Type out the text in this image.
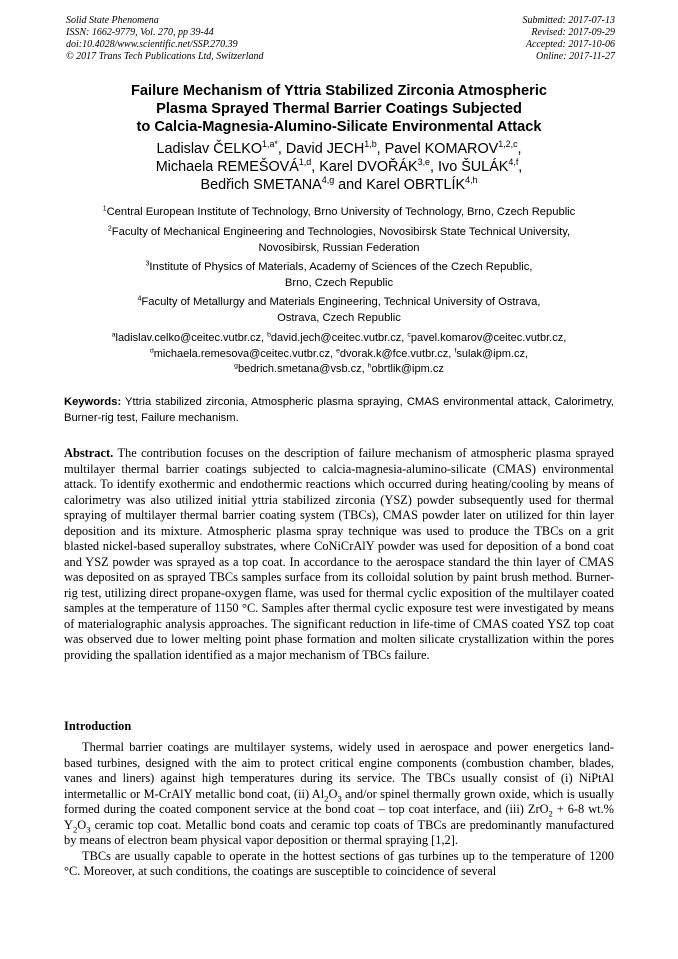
Solid State Phenomena
ISSN: 1662-9779, Vol. 270, pp 39-44
doi:10.4028/www.scientific.net/SSP.270.39
© 2017 Trans Tech Publications Ltd, Switzerland
Submitted: 2017-07-13
Revised: 2017-09-29
Accepted: 2017-10-06
Online: 2017-11-27
Failure Mechanism of Yttria Stabilized Zirconia Atmospheric
Plasma Sprayed Thermal Barrier Coatings Subjected
to Calcia-Magnesia-Alumino-Silicate Environmental Attack
Ladislav $ČELKO^{1,a*}$, David JECH$^{1,b}$, Pavel KOMAROV$^{1,2,c}$,
Michaela REMEŠOVÁ$^{1,d}$, Karel DVOŘÁK$^{3,e}$, Ivo ŠULÁK$^{4,f}$,
Bedřich SMETANA$^{4,g}$ and Karel OBRTLÍK$^{4,h}$
$^1$Central European Institute of Technology, Brno University of Technology, Brno, Czech Republic
$^2$Faculty of Mechanical Engineering and Technologies, Novosibirsk State Technical University,
Novosibirsk, Russian Federation
$^3$Institute of Physics of Materials, Academy of Sciences of the Czech Republic,
Brno, Czech Republic
$^4$Faculty of Metallurgy and Materials Engineering, Technical University of Ostrava,
Ostrava, Czech Republic
$^a$ladislav.celko@ceitec.vutbr.cz, $^b$david.jech@ceitec.vutbr.cz, $^c$pavel.komarov@ceitec.vutbr.cz,
$^d$michaela.remesova@ceitec.vutbr.cz, $^e$dvorak.k@fce.vutbr.cz, $^f$sulak@ipm.cz,
$^g$bedrich.smetana@vsb.cz, $^h$obrtlik@ipm.cz
Keywords: Yttria stabilized zirconia, Atmospheric plasma spraying, CMAS environmental attack, Calorimetry, Burner-rig test, Failure mechanism.
Abstract. The contribution focuses on the description of failure mechanism of atmospheric plasma sprayed multilayer thermal barrier coatings subjected to calcia-magnesia-alumino-silicate (CMAS) environmental attack. To identify exothermic and endothermic reactions which occurred during heating/cooling by means of calorimetry was also utilized initial yttria stabilized zirconia (YSZ) powder subsequently used for thermal spraying of multilayer thermal barrier coating system (TBCs), CMAS powder later on utilized for thin layer deposition and its mixture. Atmospheric plasma spray technique was used to produce the TBCs on a grit blasted nickel-based superalloy substrates, where CoNiCrAlY powder was used for deposition of a bond coat and YSZ powder was sprayed as a top coat. In accordance to the aerospace standard the thin layer of CMAS was deposited on as sprayed TBCs samples surface from its colloidal solution by paint brush method. Burner-rig test, utilizing direct propane-oxygen flame, was used for thermal cyclic exposition of the multilayer coated samples at the temperature of 1150 °C. Samples after thermal cyclic exposure test were investigated by means of materialographic analysis approaches. The significant reduction in life-time of CMAS coated YSZ top coat was observed due to lower melting point phase formation and molten silicate crystallization within the pores providing the spallation identified as a major mechanism of TBCs failure.
Introduction

Thermal barrier coatings are multilayer systems, widely used in aerospace and power energetics land-based turbines, designed with the aim to protect critical engine components (combustion chamber, blades, vanes and liners) against high temperatures during its service. The TBCs usually consist of (i) NiPtAl intermetallic or M-CrAlY metallic bond coat, (ii) $Al_2O_3$ and/or spinel thermally grown oxide, which is usually formed during the coated component service at the bond coat – top coat interface, and (iii) ZrO$_2$ + 6-8 wt.% $Y_2O_3$ ceramic top coat. Metallic bond coats and ceramic top coats of TBCs are predominantly manufactured by means of electron beam physical vapor deposition or thermal spraying [1,2].

TBCs are usually capable to operate in the hottest sections of gas turbines up to the temperature of 1200 °C. Moreover, at such conditions, the coatings are susceptible to coincidence of several
